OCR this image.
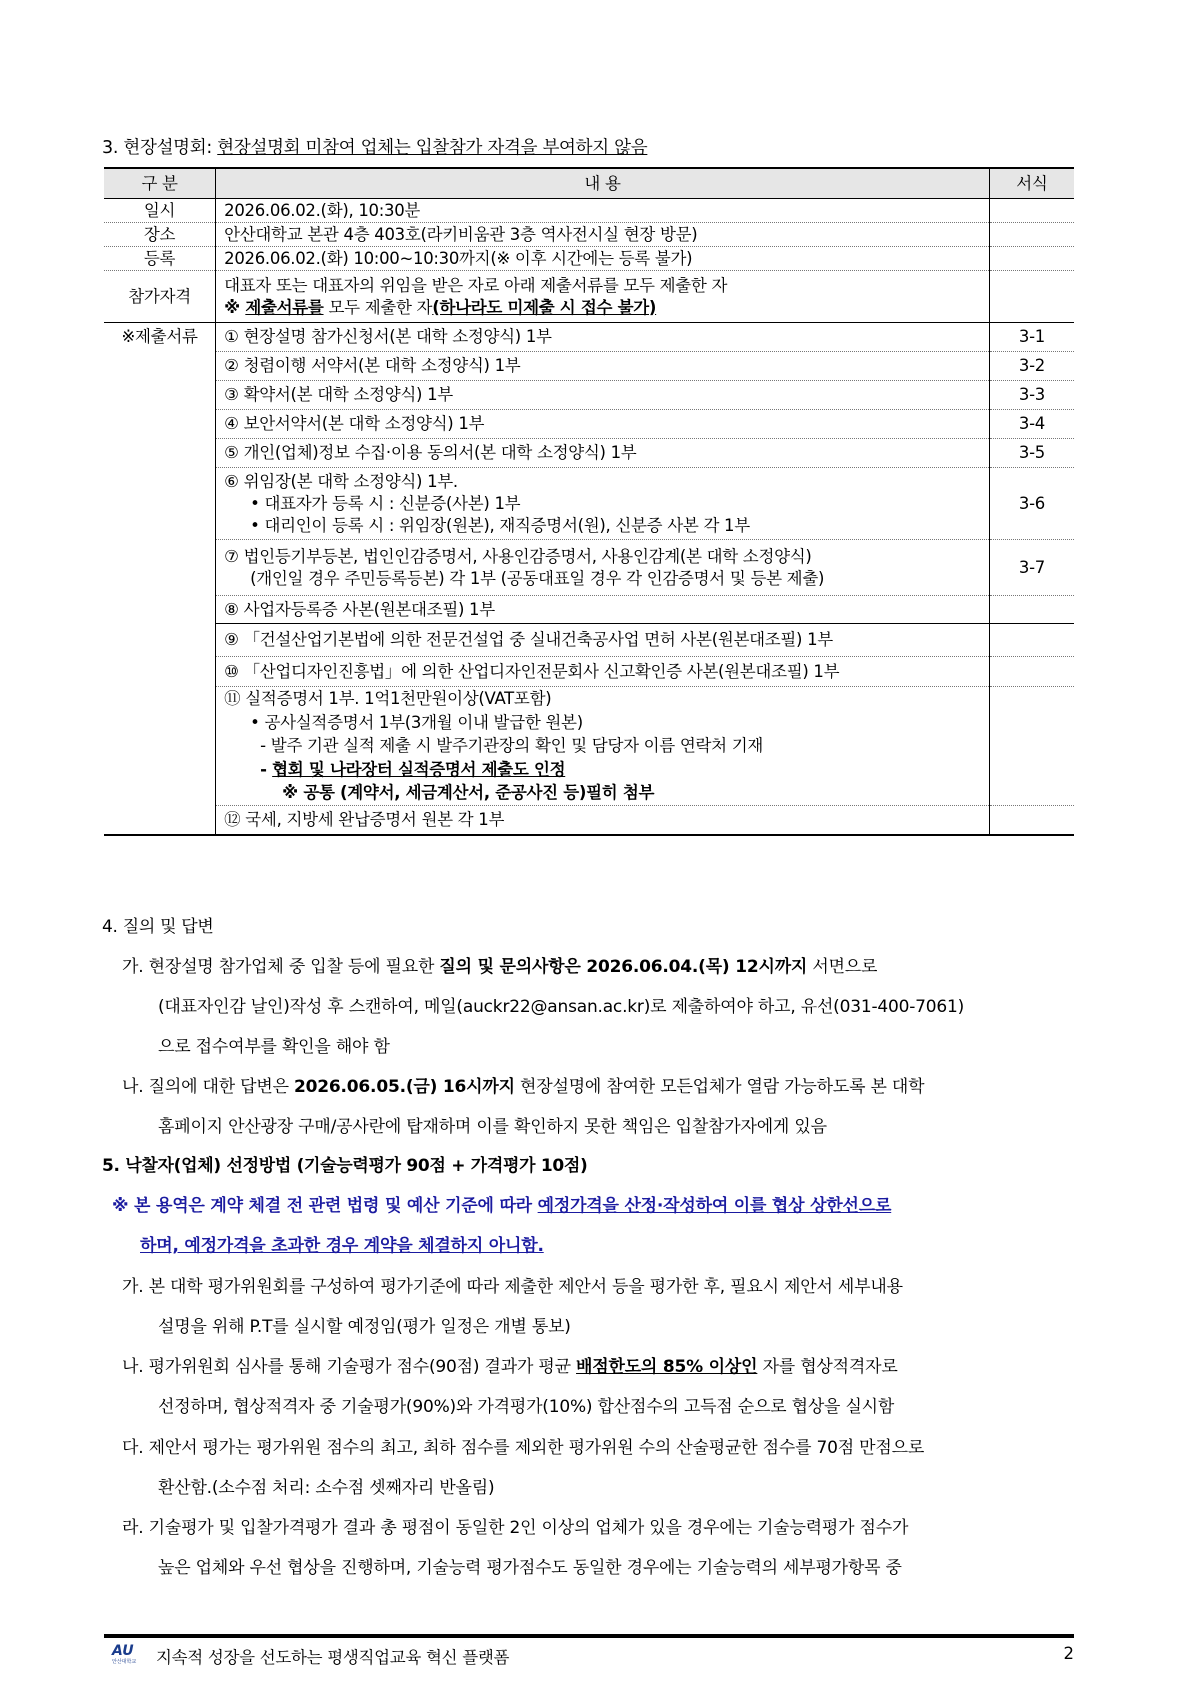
3. 현장설명회: 현장설명회 미참여 업체는 입찰참가 자격을 부여하지 않음
구 분	내 용	서식
일시	2026.06.02.(화), 10:30분	
장소	안산대학교 본관 4층 403호(라키비움관 3층 역사전시실 현장 방문)	
등록	2026.06.02.(화) 10:00~10:30까지(※ 이후 시간에는 등록 불가)	
참가자격	대표자 또는 대표자의 위임을 받은 자로 아래 제출서류를 모두 제출한 자
※ 제출서류를 모두 제출한 자(하나라도 미제출 시 접수 불가)	

※제출서류	① 현장설명 참가신청서(본 대학 소정양식) 1부	3-1
	② 청렴이행 서약서(본 대학 소정양식) 1부	3-2
	③ 확약서(본 대학 소정양식) 1부	3-3
	④ 보안서약서(본 대학 소정양식) 1부	3-4
	⑤ 개인(업체)정보 수집·이용 동의서(본 대학 소정양식) 1부	3-5

	⑥ 위임장(본 대학 소정양식) 1부.
• 대표자가 등록 시 : 신분증(사본) 1부
• 대리인이 등록 시 : 위임장(원본), 재직증명서(원), 신분증 사본 각 1부	3-6

	⑦ 법인등기부등본, 법인인감증명서, 사용인감증명서, 사용인감계(본 대학 소정양식)
(개인일 경우 주민등록등본) 각 1부 (공동대표일 경우 각 인감증명서 및 등본 제출)	3-7
	⑧ 사업자등록증 사본(원본대조필) 1부	
	⑨ 「건설산업기본법에 의한 전문건설업 중 실내건축공사업 면허 사본(원본대조필) 1부	
	⑩ 「산업디자인진흥법」에 의한 산업디자인전문회사 신고확인증 사본(원본대조필) 1부	

	⑪ 실적증명서 1부. 1억1천만원이상(VAT포함)
• 공사실적증명서 1부(3개월 이내 발급한 원본)
- 발주 기관 실적 제출 시 발주기관장의 확인 및 담당자 이름 연락처 기재
- 협회 및 나라장터 실적증명서 제출도 인정
※ 공통 (계약서, 세금계산서, 준공사진 등)필히 첨부	

	⑫ 국세, 지방세 완납증명서 원본 각 1부	
4. 질의 및 답변
가. 현장설명 참가업체 중 입찰 등에 필요한 질의 및 문의사항은 2026.06.04.(목) 12시까지 서면으로
(대표자인감 날인)작성 후 스캔하여, 메일(auckr22@ansan.ac.kr)로 제출하여야 하고, 유선(031-400-7061)
으로 접수여부를 확인을 해야 함
나. 질의에 대한 답변은 2026.06.05.(금) 16시까지 현장설명에 참여한 모든업체가 열람 가능하도록 본 대학
홈페이지 안산광장 구매/공사란에 탑재하며 이를 확인하지 못한 책임은 입찰참가자에게 있음
5. 낙찰자(업체) 선정방법 (기술능력평가 90점 + 가격평가 10점)
※ 본 용역은 계약 체결 전 관련 법령 및 예산 기준에 따라 예정가격을 산정·작성하여 이를 협상 상한선으로
하며, 예정가격을 초과한 경우 계약을 체결하지 아니함.
가. 본 대학 평가위원회를 구성하여 평가기준에 따라 제출한 제안서 등을 평가한 후, 필요시 제안서 세부내용
설명을 위해 P.T를 실시할 예정임(평가 일정은 개별 통보)
나. 평가위원회 심사를 통해 기술평가 점수(90점) 결과가 평균 배점한도의 85% 이상인 자를 협상적격자로
선정하며, 협상적격자 중 기술평가(90%)와 가격평가(10%) 합산점수의 고득점 순으로 협상을 실시함
다. 제안서 평가는 평가위원 점수의 최고, 최하 점수를 제외한 평가위원 수의 산술평균한 점수를 70점 만점으로
환산함.(소수점 처리: 소수점 셋째자리 반올림)
라. 기술평가 및 입찰가격평가 결과 총 평점이 동일한 2인 이상의 업체가 있을 경우에는 기술능력평가 점수가
높은 업체와 우선 협상을 진행하며, 기술능력 평가점수도 동일한 경우에는 기술능력의 세부평가항목 중
AU
안산대학교 지속적 성장을 선도하는 평생직업교육 혁신 플랫폼	2
